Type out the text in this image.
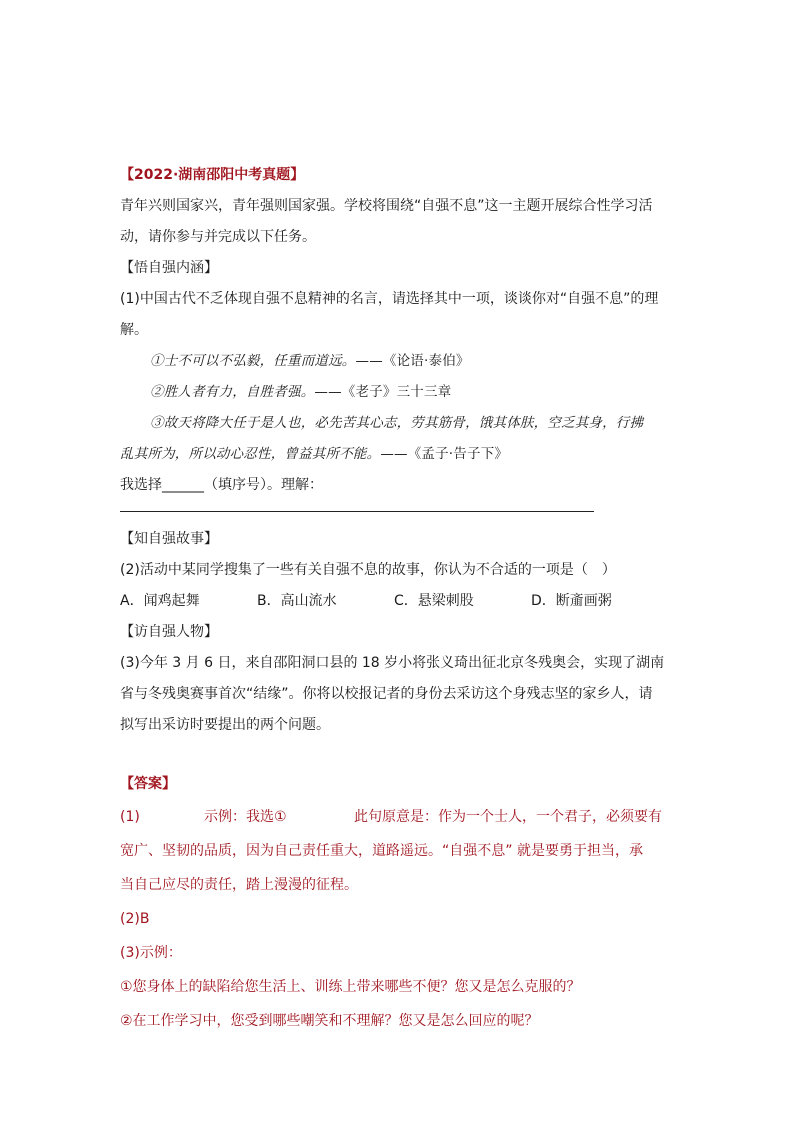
【2022·湖南邵阳中考真题】
青年兴则国家兴，青年强则国家强。学校将围绕“自强不息”这一主题开展综合性学习活
动，请你参与并完成以下任务。
【悟自强内涵】
(1)中国古代不乏体现自强不息精神的名言，请选择其中一项，谈谈你对“自强不息”的理
解。
①士不可以不弘毅，任重而道远。——《论语·泰伯》
②胜人者有力，自胜者强。——《老子》三十三章
③故天将降大任于是人也，必先苦其心志，劳其筋骨，饿其体肤，空乏其身，行拂
乱其所为，所以动心忍性，曾益其所不能。——《孟子·告子下》
我选择______（填序号）。理解：
【知自强故事】
(2)活动中某同学搜集了一些有关自强不息的故事，你认为不合适的一项是（　）
A．闻鸡起舞	B．高山流水	C．悬梁刺股	D．断齑画粥
【访自强人物】
(3)今年 3 月 6 日，来自邵阳洞口县的 18 岁小将张义琦出征北京冬残奥会，实现了湖南
省与冬残奥赛事首次“结缘”。你将以校报记者的身份去采访这个身残志坚的家乡人，请
拟写出采访时要提出的两个问题。
【答案】
(1)	示例：我选①	此句原意是：作为一个士人，一个君子，必须要有
宽广、坚韧的品质，因为自己责任重大，道路遥远。“自强不息” 就是要勇于担当，承
当自己应尽的责任，踏上漫漫的征程。
(2)B
(3)示例：
①您身体上的缺陷给您生活上、训练上带来哪些不便？您又是怎么克服的？
②在工作学习中，您受到哪些嘲笑和不理解？您又是怎么回应的呢？
